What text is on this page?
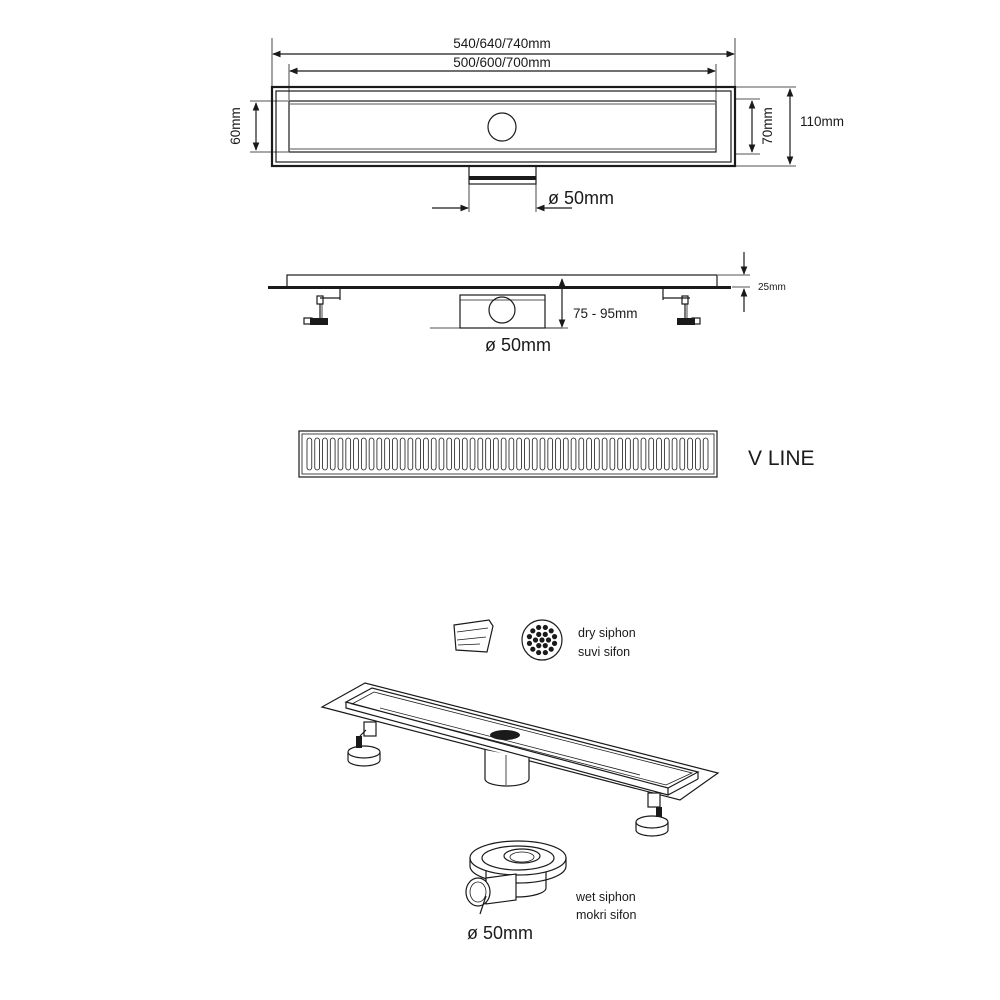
540/640/740mm
500/600/700mm
ø 50mm
60mm	70mm 110mm
ø 50mm
75 - 95mm
25mm
V LINE
dry siphon
suvi sifon
wet siphon
mokri sifon
ø 50mm
